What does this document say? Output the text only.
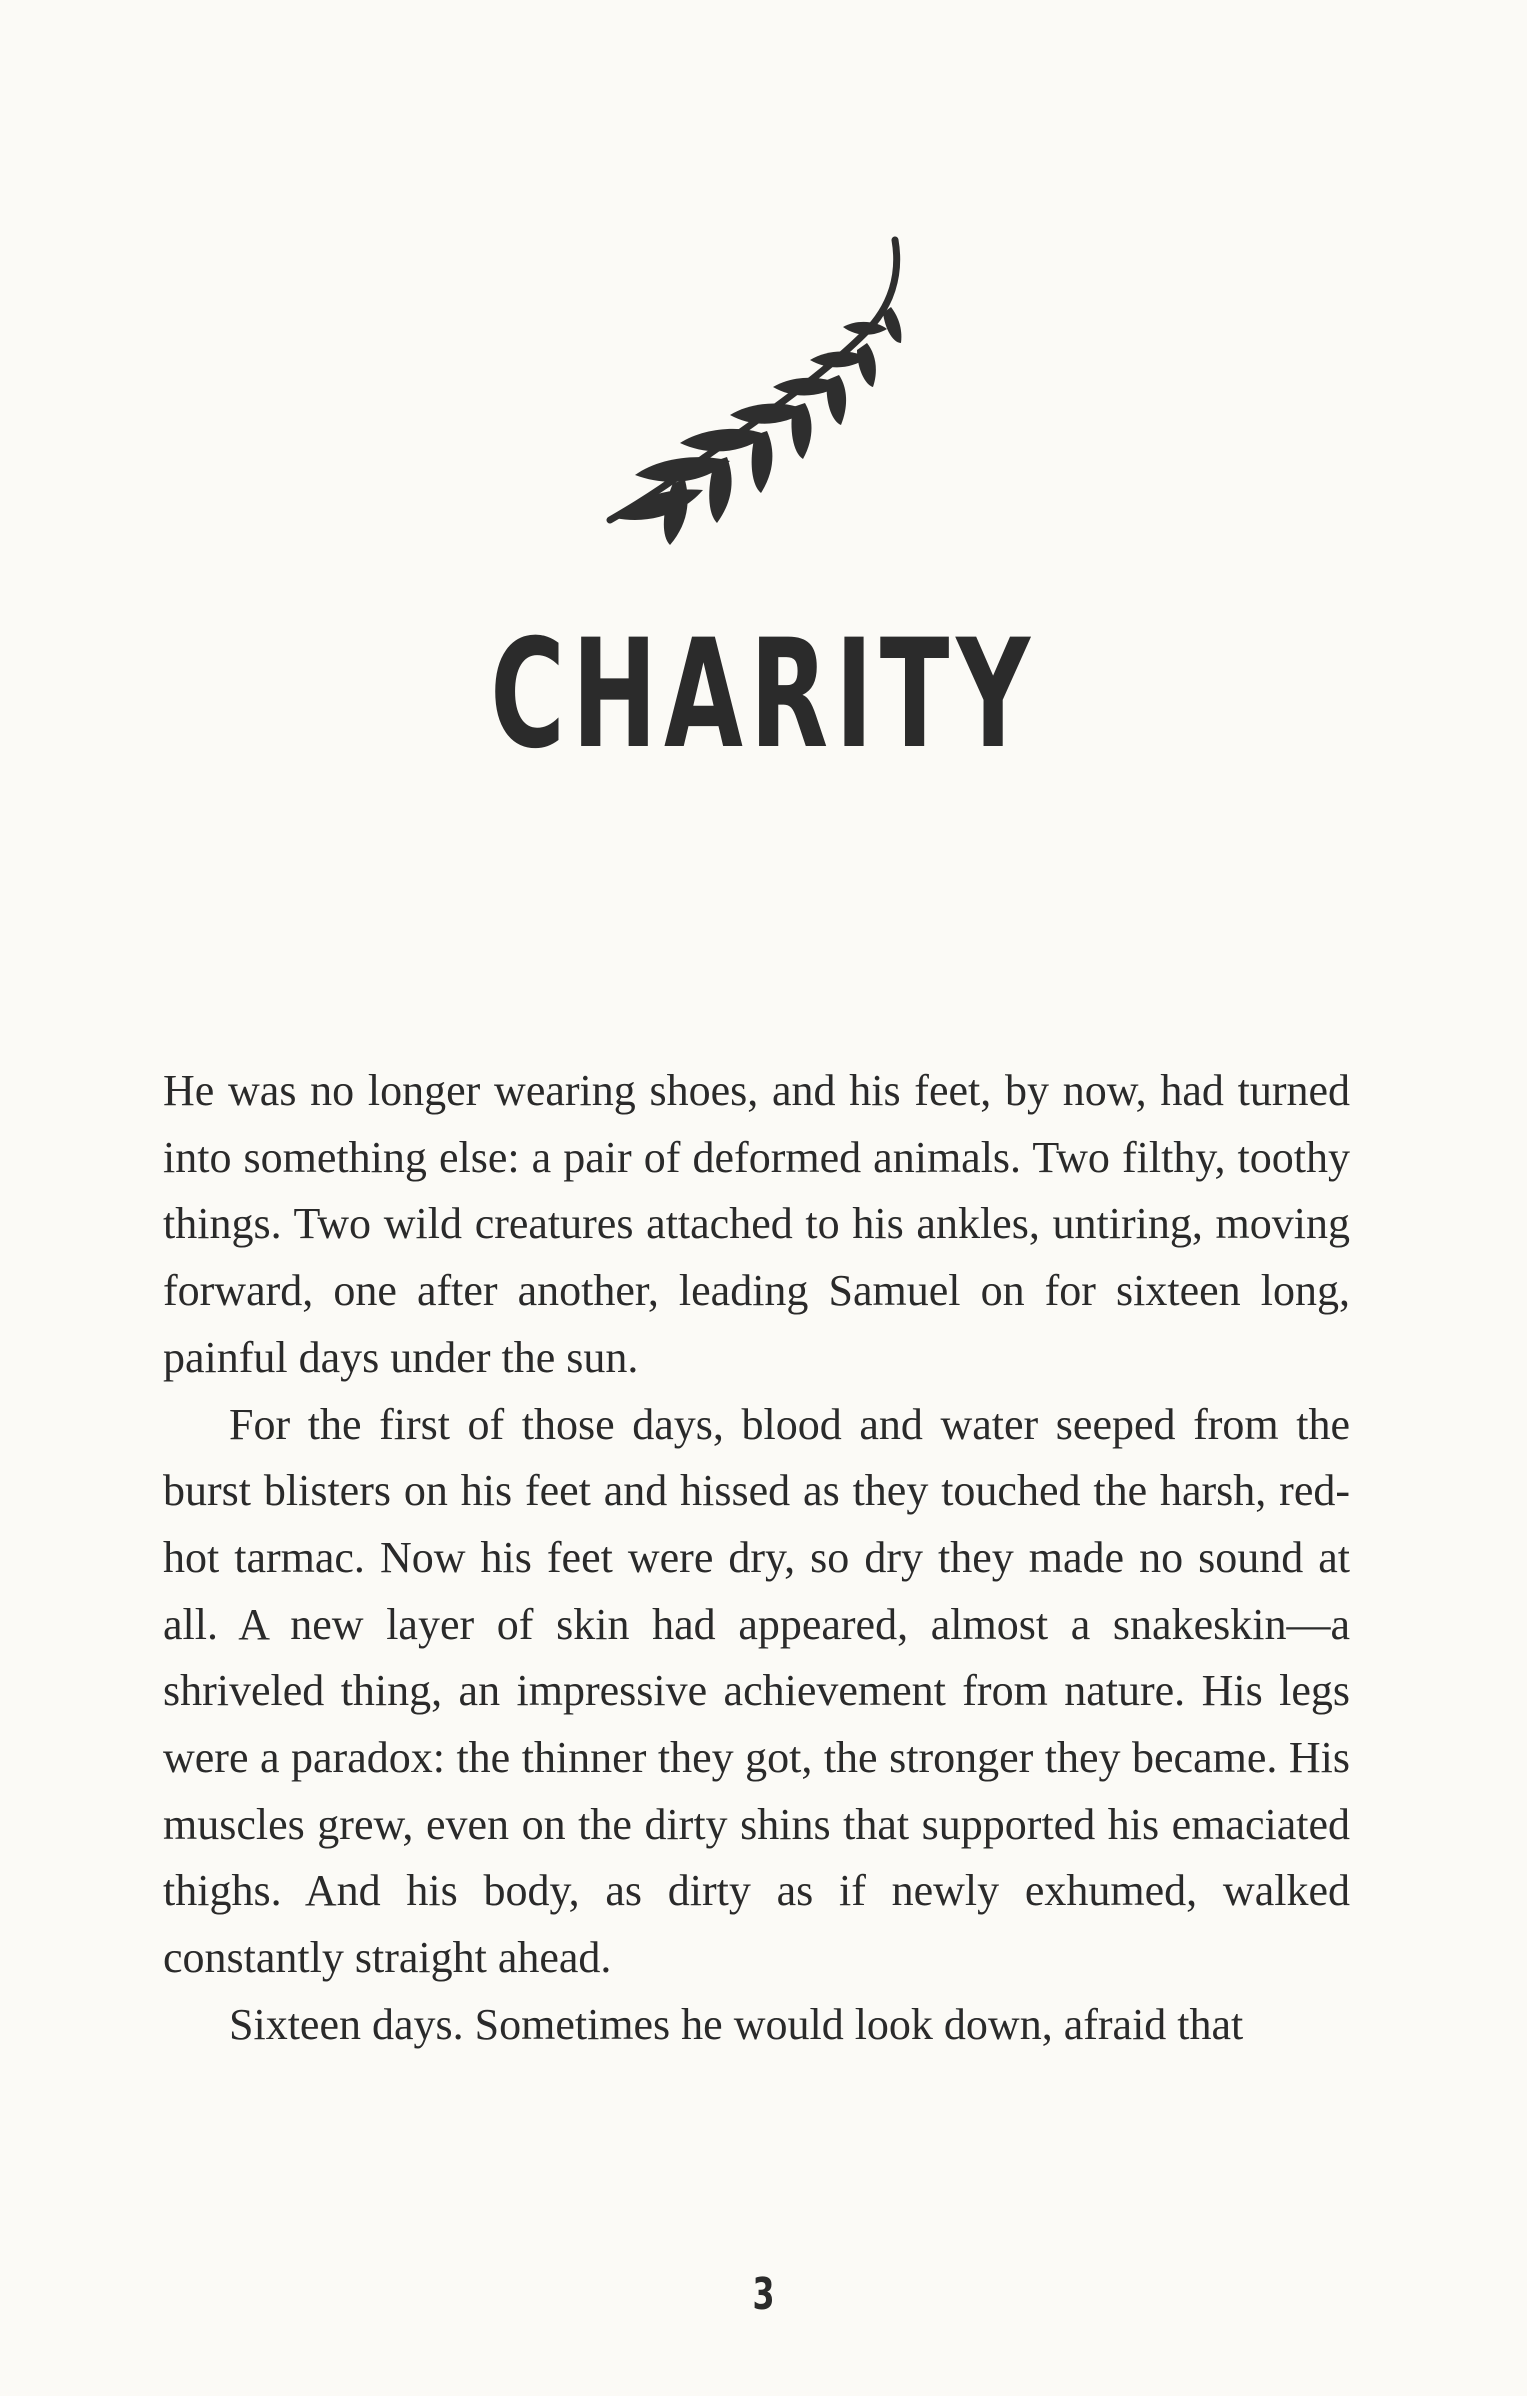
CHARITY

He was no longer wearing shoes, and his feet, by now, had turned into something else: a pair of deformed animals. Two filthy, toothy things. Two wild creatures attached to his ankles, untiring, moving forward, one after another, leading Samuel on for sixteen long, painful days under the sun.

For the first of those days, blood and water seeped from the burst blisters on his feet and hissed as they touched the harsh, red-hot tarmac. Now his feet were dry, so dry they made no sound at all. A new layer of skin had appeared, almost a snakeskin—a shriveled thing, an impressive achievement from nature. His legs were a paradox: the thinner they got, the stronger they became. His muscles grew, even on the dirty shins that supported his emaciated thighs. And his body, as dirty as if newly exhumed, walked constantly straight ahead.

Sixteen days. Sometimes he would look down, afraid that

3
